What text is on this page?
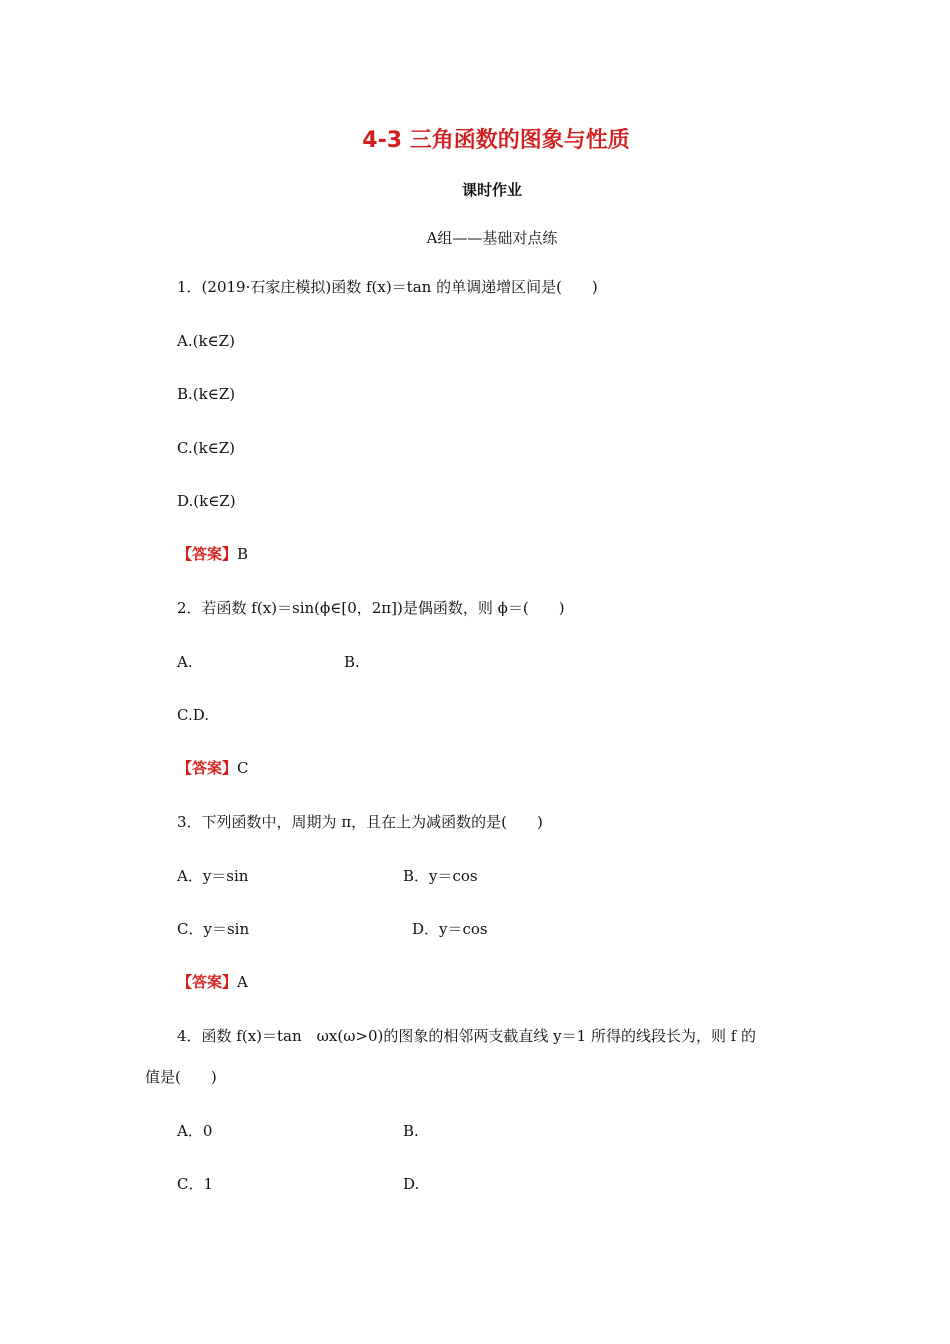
4-3 三角函数的图象与性质
课时作业
A组——基础对点练
1．(2019·石家庄模拟)函数 f(x)＝tan 的单调递增区间是(　　)
A.(k∈Z)
B.(k∈Z)
C.(k∈Z)
D.(k∈Z)
【答案】B
2．若函数 f(x)＝sin(ϕ∈[0，2π])是偶函数，则 ϕ＝(　　)
A.	B.
C.D.
【答案】C
3．下列函数中，周期为 π，且在上为减函数的是(　　)
A．y＝sin	B．y＝cos
C．y＝sin	D．y＝cos
【答案】A
4．函数 f(x)＝tan　ωx(ω>0)的图象的相邻两支截直线 y＝1 所得的线段长为，则 f 的
值是(　　)
A．0	B.
C．1	D.
